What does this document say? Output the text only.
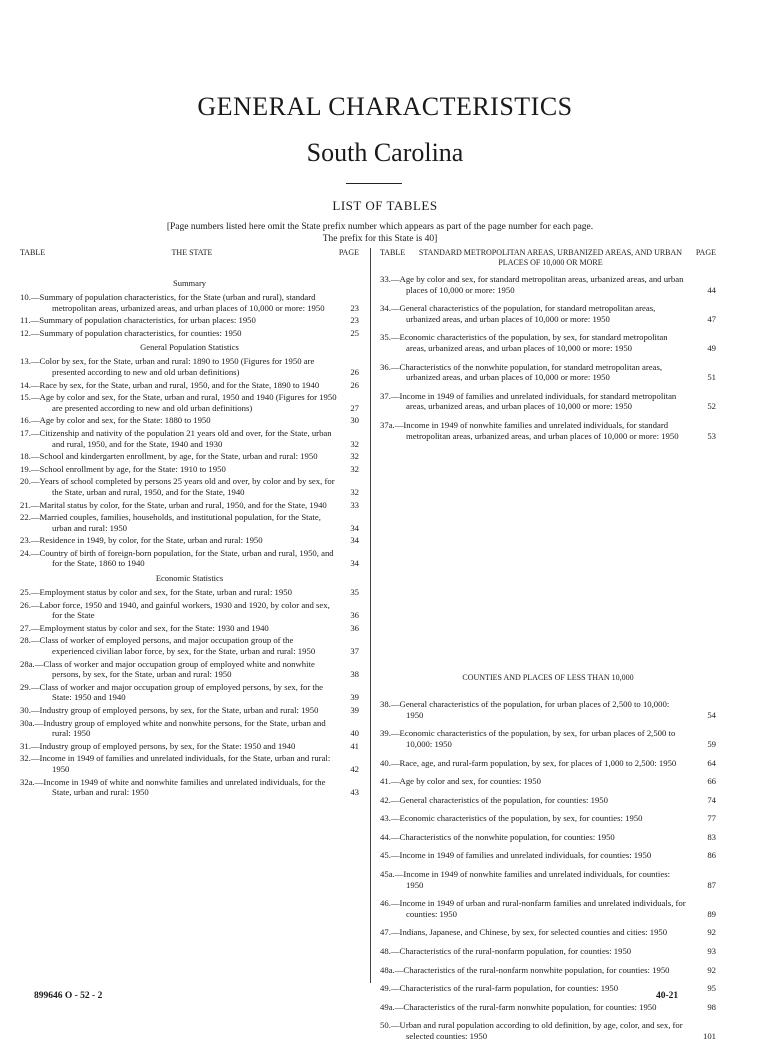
GENERAL CHARACTERISTICS
South Carolina
LIST OF TABLES
[Page numbers listed here omit the State prefix number which appears as part of the page number for each page.
The prefix for this State is 40]
TABLE	THE STATE	PAGE
Summary
10.—Summary of population characteristics, for the State (urban and rural), standard metropolitan areas, urbanized areas, and urban places of 10,000 or more: 1950	23
11.—Summary of population characteristics, for urban places: 1950	23
12.—Summary of population characteristics, for counties: 1950	25
General Population Statistics
13.—Color by sex, for the State, urban and rural: 1890 to 1950 (Figures for 1950 are presented according to new and old urban definitions)	26
14.—Race by sex, for the State, urban and rural, 1950, and for the State, 1890 to 1940	26
15.—Age by color and sex, for the State, urban and rural, 1950 and 1940 (Figures for 1950 are presented according to new and old urban definitions)	27
16.—Age by color and sex, for the State: 1880 to 1950	30
17.—Citizenship and nativity of the population 21 years old and over, for the State, urban and rural, 1950, and for the State, 1940 and 1930	32
18.—School and kindergarten enrollment, by age, for the State, urban and rural: 1950	32
19.—School enrollment by age, for the State: 1910 to 1950	32
20.—Years of school completed by persons 25 years old and over, by color and by sex, for the State, urban and rural, 1950, and for the State, 1940	32
21.—Marital status by color, for the State, urban and rural, 1950, and for the State, 1940	33
22.—Married couples, families, households, and institutional population, for the State, urban and rural: 1950	34
23.—Residence in 1949, by color, for the State, urban and rural: 1950	34
24.—Country of birth of foreign-born population, for the State, urban and rural, 1950, and for the State, 1860 to 1940	34
Economic Statistics
25.—Employment status by color and sex, for the State, urban and rural: 1950	35
26.—Labor force, 1950 and 1940, and gainful workers, 1930 and 1920, by color and sex, for the State	36
27.—Employment status by color and sex, for the State: 1930 and 1940	36
28.—Class of worker of employed persons, and major occupation group of the experienced civilian labor force, by sex, for the State, urban and rural: 1950	37
28a.—Class of worker and major occupation group of employed white and nonwhite persons, by sex, for the State, urban and rural: 1950	38
29.—Class of worker and major occupation group of employed persons, by sex, for the State: 1950 and 1940	39
30.—Industry group of employed persons, by sex, for the State, urban and rural: 1950	39
30a.—Industry group of employed white and nonwhite persons, for the State, urban and rural: 1950	40
31.—Industry group of employed persons, by sex, for the State: 1950 and 1940	41
32.—Income in 1949 of families and unrelated individuals, for the State, urban and rural: 1950	42
32a.—Income in 1949 of white and nonwhite families and unrelated individuals, for the State, urban and rural: 1950	43
TABLE	STANDARD METROPOLITAN AREAS, URBANIZED AREAS, AND URBAN PLACES OF 10,000 OR MORE
PAGE
33.—Age by color and sex, for standard metropolitan areas, urbanized areas, and urban places of 10,000 or more: 1950	44
34.—General characteristics of the population, for standard metropolitan areas, urbanized areas, and urban places of 10,000 or more: 1950	47
35.—Economic characteristics of the population, by sex, for standard metropolitan areas, urbanized areas, and urban places of 10,000 or more: 1950	49
36.—Characteristics of the nonwhite population, for standard metropolitan areas, urbanized areas, and urban places of 10,000 or more: 1950	51
37.—Income in 1949 of families and unrelated individuals, for standard metropolitan areas, urbanized areas, and urban places of 10,000 or more: 1950	52
37a.—Income in 1949 of nonwhite families and unrelated individuals, for standard metropolitan areas, urbanized areas, and urban places of 10,000 or more: 1950	53
COUNTIES AND PLACES OF LESS THAN 10,000
38.—General characteristics of the population, for urban places of 2,500 to 10,000: 1950	54
39.—Economic characteristics of the population, by sex, for urban places of 2,500 to 10,000: 1950	59
40.—Race, age, and rural-farm population, by sex, for places of 1,000 to 2,500: 1950	64
41.—Age by color and sex, for counties: 1950	66
42.—General characteristics of the population, for counties: 1950	74
43.—Economic characteristics of the population, by sex, for counties: 1950	77
44.—Characteristics of the nonwhite population, for counties: 1950	83
45.—Income in 1949 of families and unrelated individuals, for counties: 1950	86
45a.—Income in 1949 of nonwhite families and unrelated individuals, for counties: 1950	87
46.—Income in 1949 of urban and rural-nonfarm families and unrelated individuals, for counties: 1950	89
47.—Indians, Japanese, and Chinese, by sex, for selected counties and cities: 1950	92
48.—Characteristics of the rural-nonfarm population, for counties: 1950	93
48a.—Characteristics of the rural-nonfarm nonwhite population, for counties: 1950	92
49.—Characteristics of the rural-farm population, for counties: 1950	95
49a.—Characteristics of the rural-farm nonwhite population, for counties: 1950	98
50.—Urban and rural population according to old definition, by age, color, and sex, for selected counties: 1950	101
899646 O - 52 - 2	40-21
